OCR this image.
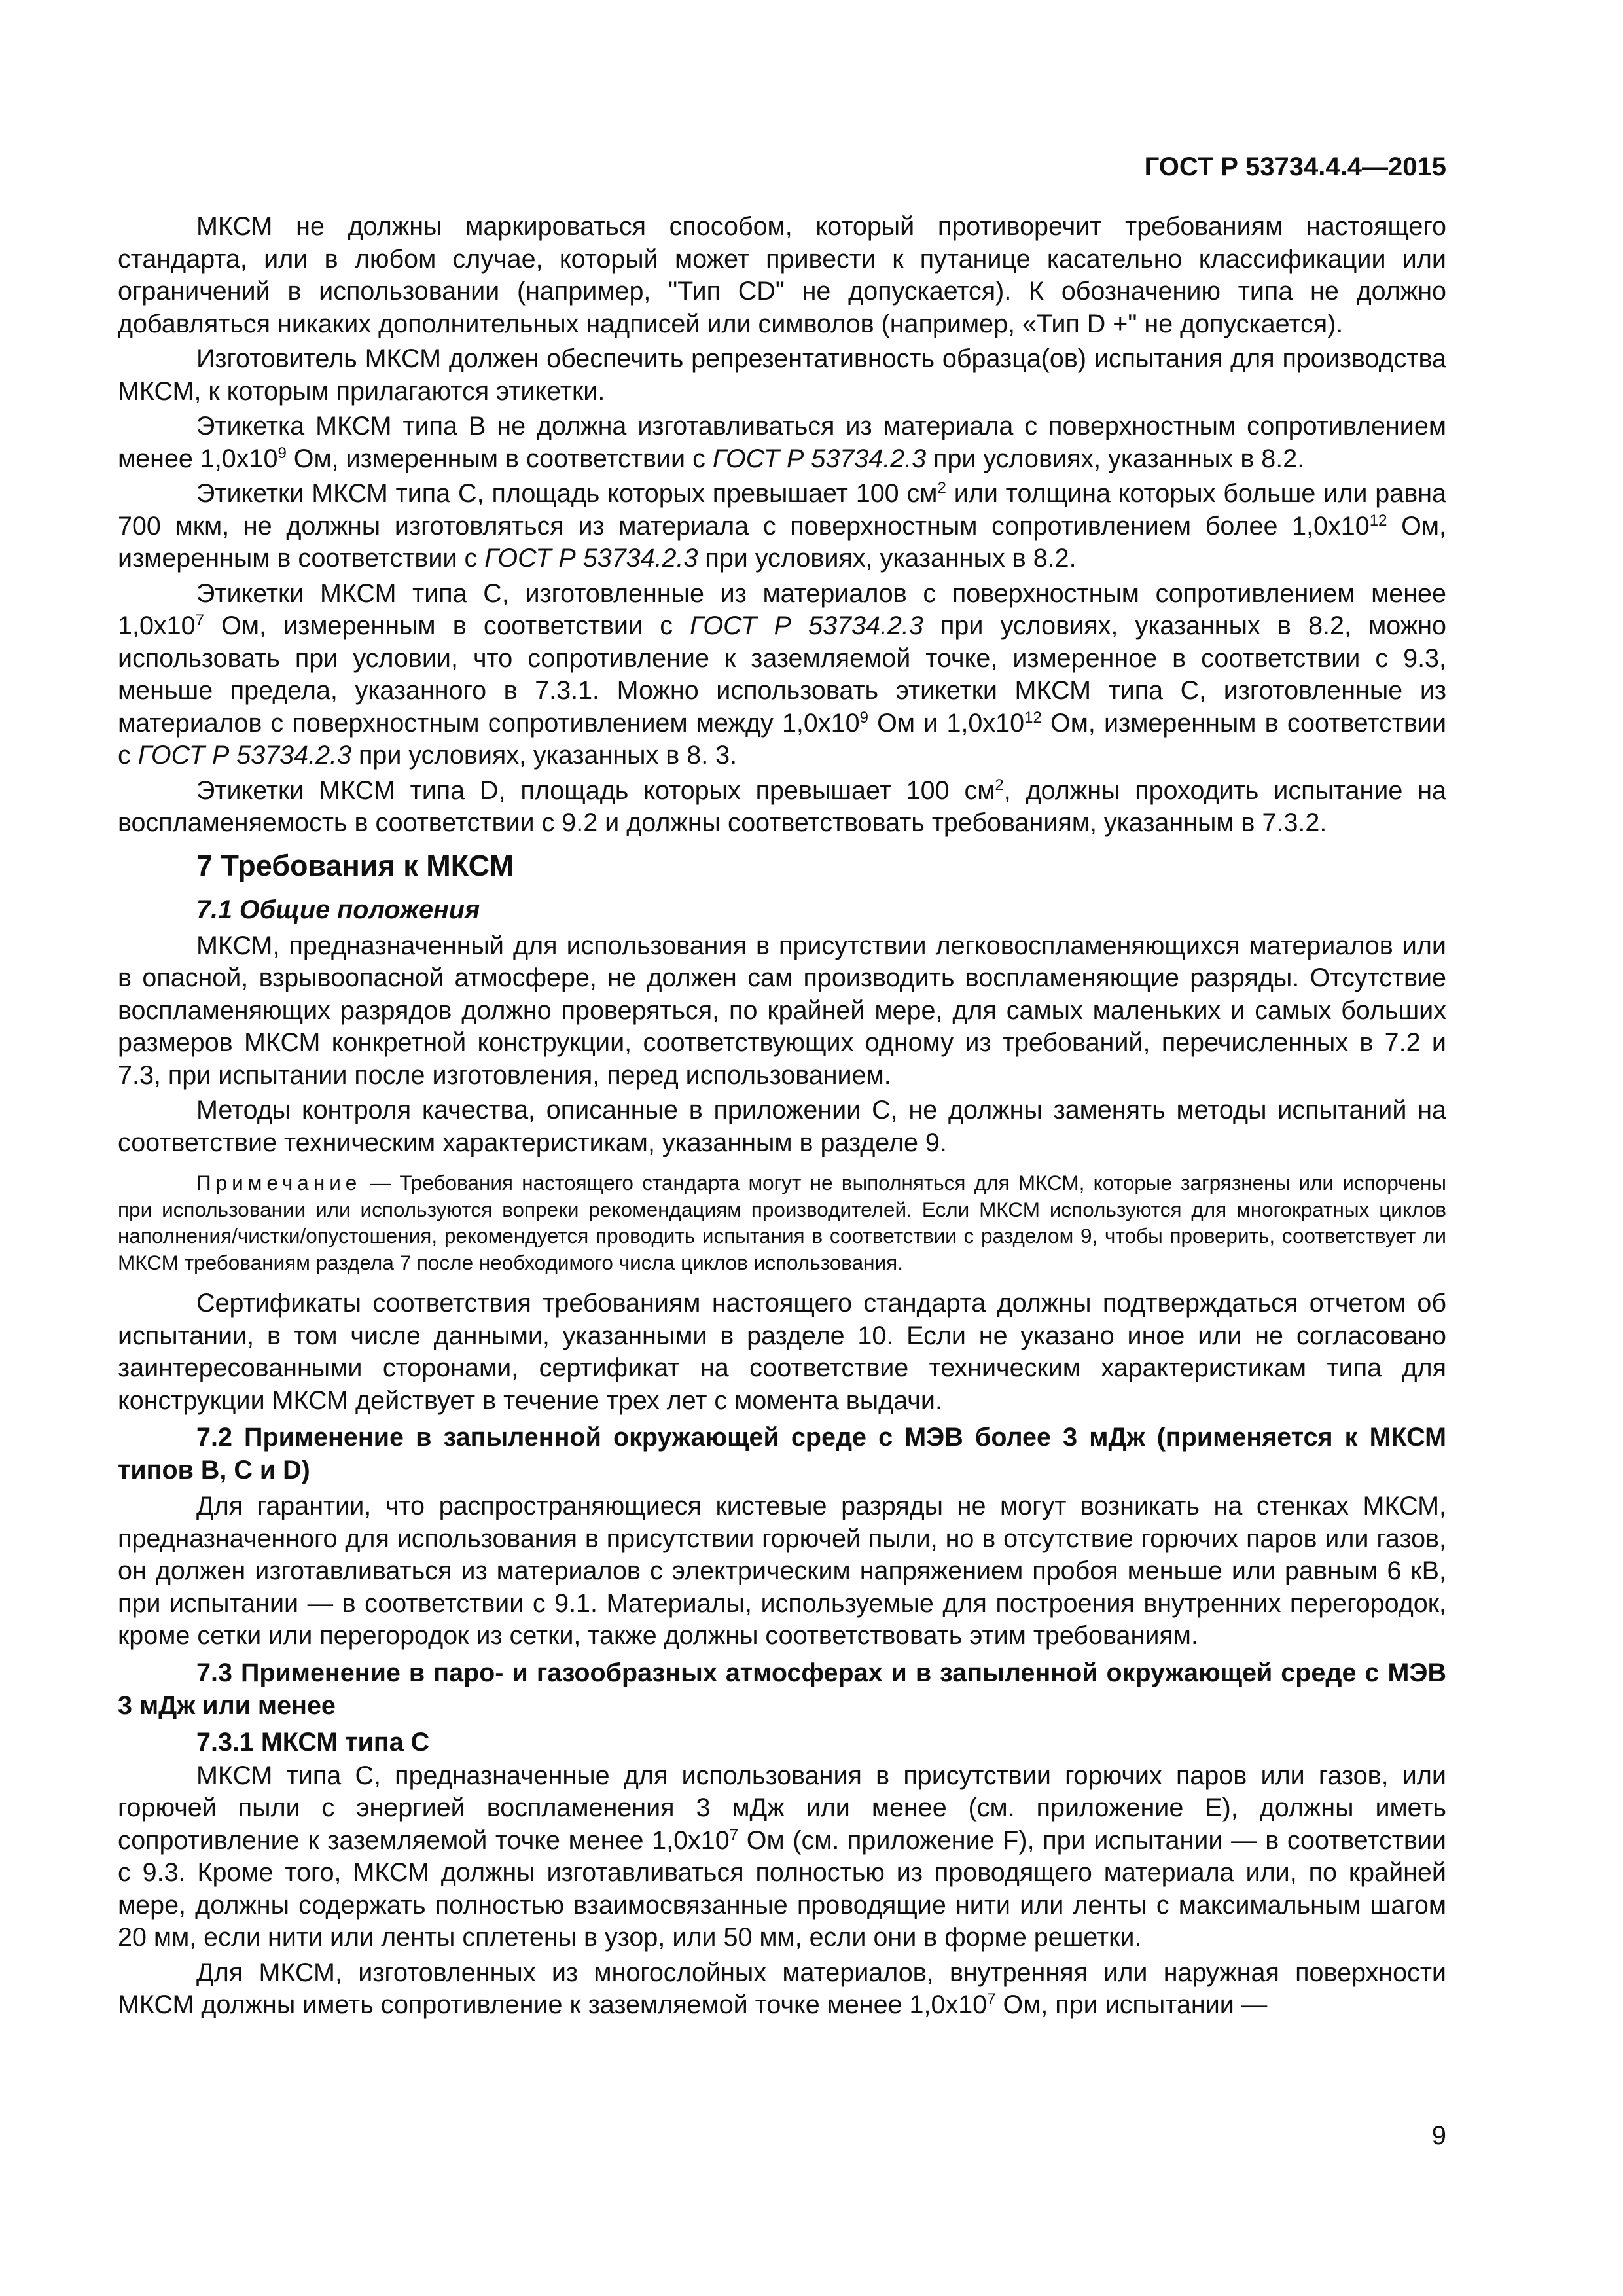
ГОСТ Р 53734.4.4—2015

МКСМ не должны маркироваться способом, который противоречит требованиям настоящего стандарта, или в любом случае, который может привести к путанице касательно классификации или ограничений в использовании (например, "Тип CD" не допускается). К обозначению типа не должно добавляться никаких дополнительных надписей или символов (например, «Тип D +" не допускается).

Изготовитель МКСМ должен обеспечить репрезентативность образца(ов) испытания для производства МКСМ, к которым прилагаются этикетки.

Этикетка МКСМ типа В не должна изготавливаться из материала с поверхностным сопротивлением менее $1,0х10^9$ Ом, измеренным в соответствии с ГОСТ Р 53734.2.3 при условиях, указанных в 8.2.

Этикетки МКСМ типа С, площадь которых превышает 100 $см^2$ или толщина которых больше или равна 700 мкм, не должны изготовляться из материала с поверхностным сопротивлением более $1,0х10^{12}$ Ом, измеренным в соответствии с ГОСТ Р 53734.2.3 при условиях, указанных в 8.2.

Этикетки МКСМ типа С, изготовленные из материалов с поверхностным сопротивлением менее $1,0х10^7$ Ом, измеренным в соответствии с ГОСТ Р 53734.2.3 при условиях, указанных в 8.2, можно использовать при условии, что сопротивление к заземляемой точке, измеренное в соответствии с 9.3, меньше предела, указанного в 7.3.1. Можно использовать этикетки МКСМ типа С, изготовленные из материалов с поверхностным сопротивлением между $1,0х10^9$ Ом и $1,0х10^{12}$ Ом, измеренным в соответствии с ГОСТ Р 53734.2.3 при условиях, указанных в 8. 3.

Этикетки МКСМ типа D, площадь которых превышает 100 $см^2$, должны проходить испытание на воспламеняемость в соответствии с 9.2 и должны соответствовать требованиям, указанным в 7.3.2.

7 Требования к МКСМ
7.1 Общие положения

МКСМ, предназначенный для использования в присутствии легковоспламеняющихся материалов или в опасной, взрывоопасной атмосфере, не должен сам производить воспламеняющие разряды. Отсутствие воспламеняющих разрядов должно проверяться, по крайней мере, для самых маленьких и самых больших размеров МКСМ конкретной конструкции, соответствующих одному из требований, перечисленных в 7.2 и 7.3, при испытании после изготовления, перед использованием.

Методы контроля качества, описанные в приложении С, не должны заменять методы испытаний на соответствие техническим характеристикам, указанным в разделе 9.

Примечание — Требования настоящего стандарта могут не выполняться для МКСМ, которые загрязнены или испорчены при использовании или используются вопреки рекомендациям производителей. Если МКСМ используются для многократных циклов наполнения/чистки/опустошения, рекомендуется проводить испытания в соответствии с разделом 9, чтобы проверить, соответствует ли МКСМ требованиям раздела 7 после необходимого числа циклов использования.

Сертификаты соответствия требованиям настоящего стандарта должны подтверждаться отчетом об испытании, в том числе данными, указанными в разделе 10. Если не указано иное или не согласовано заинтересованными сторонами, сертификат на соответствие техническим характеристикам типа для конструкции МКСМ действует в течение трех лет с момента выдачи.

7.2 Применение в запыленной окружающей среде с МЭВ более 3 мДж (применяется к МКСМ типов В, С и D)

Для гарантии, что распространяющиеся кистевые разряды не могут возникать на стенках МКСМ, предназначенного для использования в присутствии горючей пыли, но в отсутствие горючих паров или газов, он должен изготавливаться из материалов с электрическим напряжением пробоя меньше или равным 6 кВ, при испытании — в соответствии с 9.1. Материалы, используемые для построения внутренних перегородок, кроме сетки или перегородок из сетки, также должны соответствовать этим требованиям.

7.3 Применение в паро- и газообразных атмосферах и в запыленной окружающей среде с МЭВ 3 мДж или менее
7.3.1 МКСМ типа С

МКСМ типа С, предназначенные для использования в присутствии горючих паров или газов, или горючей пыли с энергией воспламенения 3 мДж или менее (см. приложение Е), должны иметь сопротивление к заземляемой точке менее $1,0х10^7$ Ом (см. приложение F), при испытании — в соответствии с 9.3. Кроме того, МКСМ должны изготавливаться полностью из проводящего материала или, по крайней мере, должны содержать полностью взаимосвязанные проводящие нити или ленты с максимальным шагом 20 мм, если нити или ленты сплетены в узор, или 50 мм, если они в форме решетки.

Для МКСМ, изготовленных из многослойных материалов, внутренняя или наружная поверхности МКСМ должны иметь сопротивление к заземляемой точке менее $1,0х10^7$ Ом, при испытании —

9
